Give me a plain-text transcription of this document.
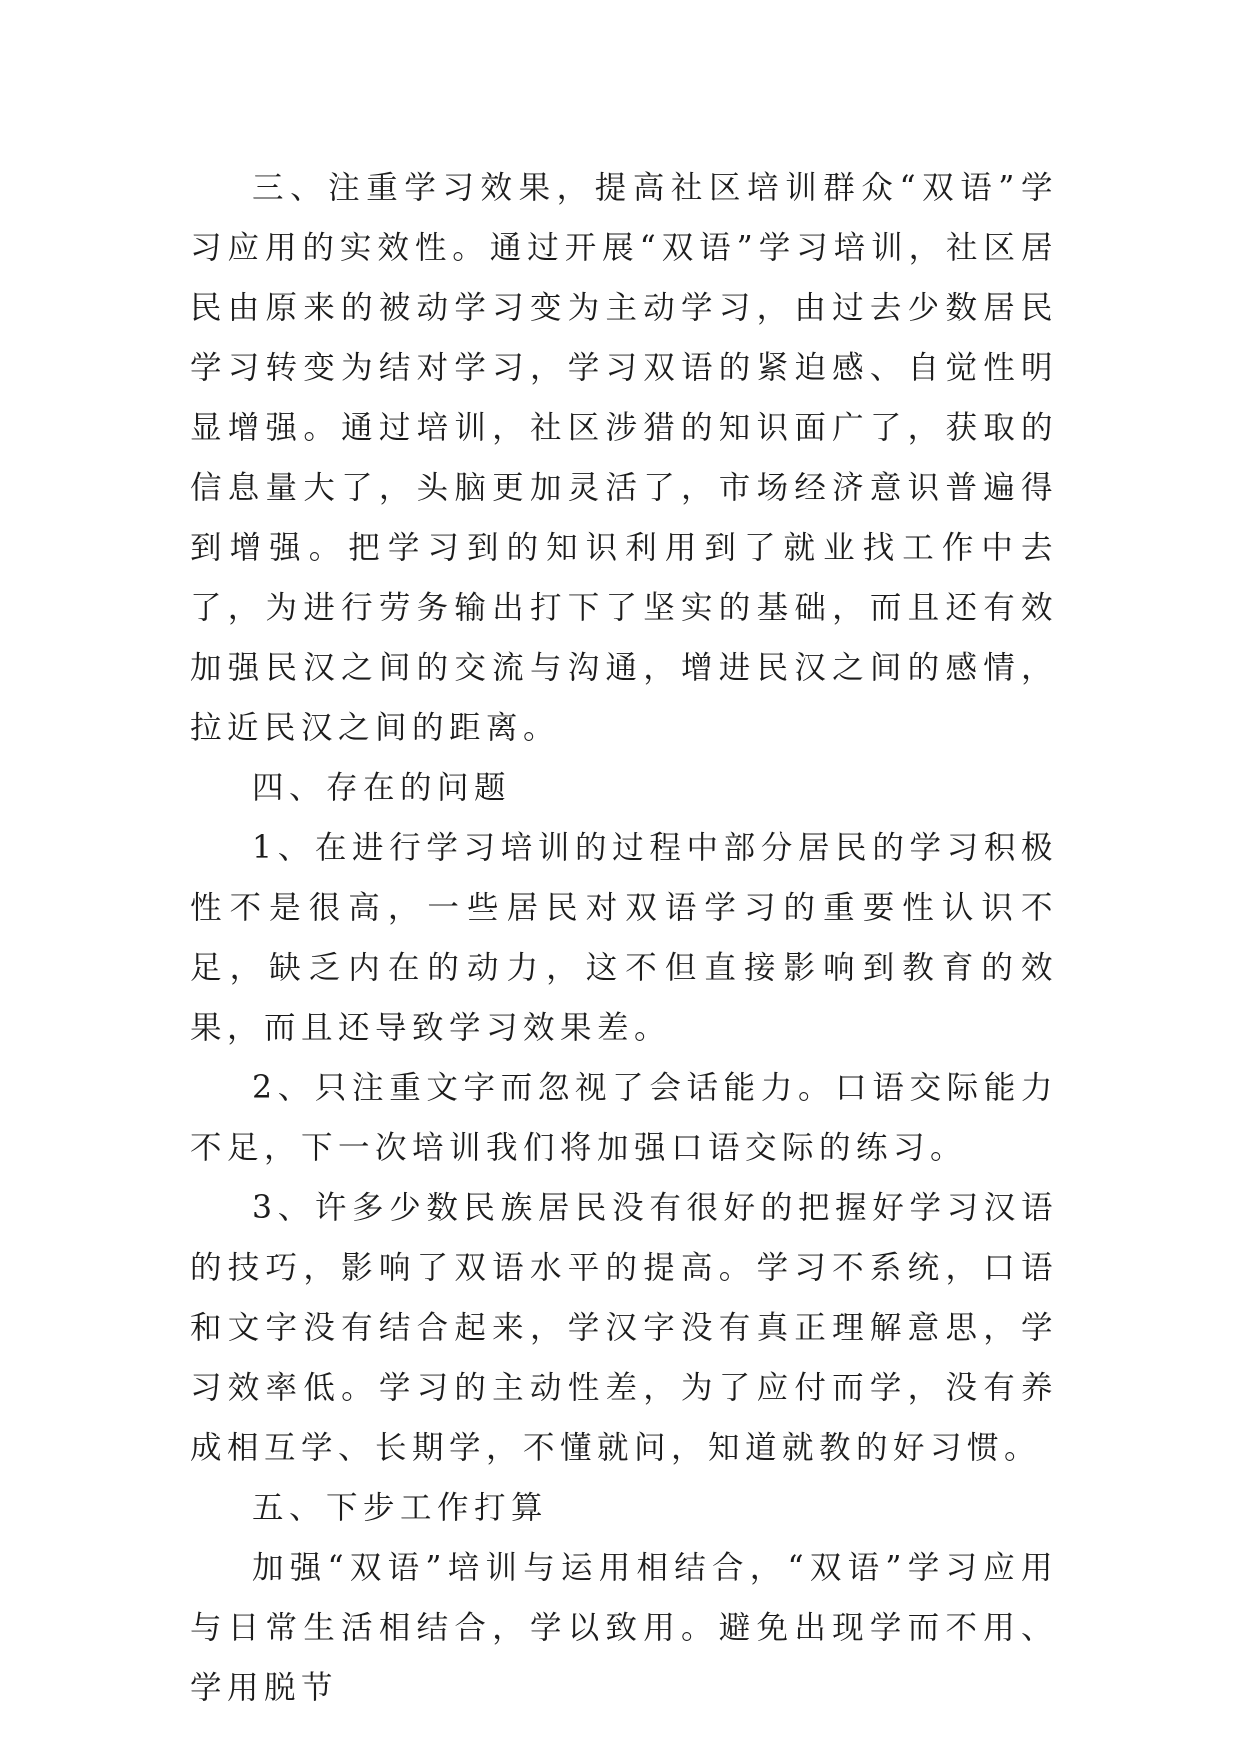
三、注重学习效果，提高社区培训群众“双语”学习应用的实效性。通过开展“双语”学习培训，社区居民由原来的被动学习变为主动学习，由过去少数居民学习转变为结对学习，学习双语的紧迫感、自觉性明显增强。通过培训，社区涉猎的知识面广了，获取的信息量大了，头脑更加灵活了，市场经济意识普遍得到增强。把学习到的知识利用到了就业找工作中去了，为进行劳务输出打下了坚实的基础，而且还有效加强民汉之间的交流与沟通，增进民汉之间的感情，拉近民汉之间的距离。

四、存在的问题

1、在进行学习培训的过程中部分居民的学习积极性不是很高，一些居民对双语学习的重要性认识不足，缺乏内在的动力，这不但直接影响到教育的效果，而且还导致学习效果差。

2、只注重文字而忽视了会话能力。口语交际能力不足，下一次培训我们将加强口语交际的练习。

3、许多少数民族居民没有很好的把握好学习汉语的技巧，影响了双语水平的提高。学习不系统，口语和文字没有结合起来，学汉字没有真正理解意思，学习效率低。学习的主动性差，为了应付而学，没有养成相互学、长期学，不懂就问，知道就教的好习惯。

五、下步工作打算

加强“双语”培训与运用相结合，“双语”学习应用与日常生活相结合，学以致用。避免出现学而不用、学用脱节
